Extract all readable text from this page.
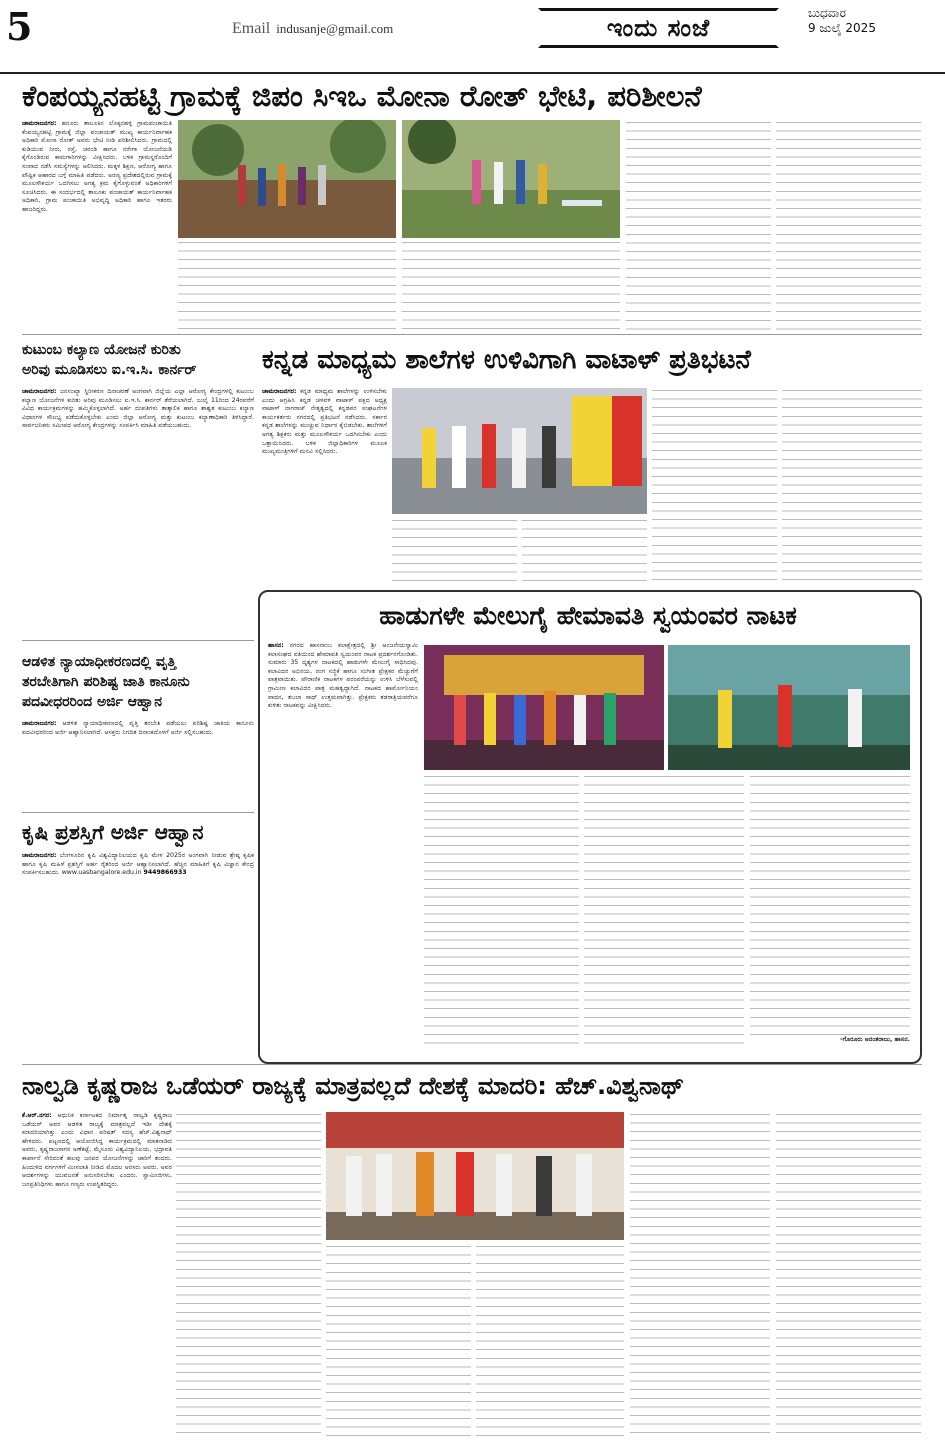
5	Email indusanje@gmail.com	ಇಂದು ಸಂಜೆ
ಬುಧವಾರ
9 ಜುಲೈ 2025
ಕೆಂಪಯ್ಯನಹಟ್ಟಿ ಗ್ರಾಮಕ್ಕೆ ಜಿಪಂ ಸಿಇಒ ಮೋನಾ ರೋತ್ ಭೇಟಿ, ಪರಿಶೀಲನೆ
ಚಾಮರಾಜನಗರ: ಹನೂರು ತಾಲೂಕಿನ ಲೊಕ್ಕನಹಳ್ಳಿ ಗ್ರಾಮಪಂಚಾಯಿತಿ ಕೆಂಪಯ್ಯನಹಟ್ಟಿ ಗ್ರಾಮಕ್ಕೆ ಜಿಲ್ಲಾ ಪಂಚಾಯತ್ ಮುಖ್ಯ ಕಾರ್ಯನಿರ್ವಾಹಕ ಅಧಿಕಾರಿ ಮೋನಾ ರೋತ್ ಅವರು ಭೇಟಿ ನೀಡಿ ಪರಿಶೀಲಿಸಿದರು. ಗ್ರಾಮದಲ್ಲಿ ಕುಡಿಯುವ ನೀರು, ರಸ್ತೆ, ಚರಂಡಿ ಹಾಗೂ ನರೇಗಾ ಯೋಜನೆಯಡಿ ಕೈಗೊಂಡಿರುವ ಕಾಮಗಾರಿಗಳನ್ನು ವೀಕ್ಷಿಸಿದರು. ಬಳಿಕ ಗ್ರಾಮಸ್ಥರೊಂದಿಗೆ ಸಂವಾದ ನಡೆಸಿ ಸಮಸ್ಯೆಗಳನ್ನು ಆಲಿಸಿದರು. ಮಕ್ಕಳ ಶಿಕ್ಷಣ, ಆರೋಗ್ಯ ಹಾಗೂ ಪೌಷ್ಟಿಕ ಆಹಾರದ ಬಗ್ಗೆ ಮಾಹಿತಿ ಪಡೆದರು. ಅರಣ್ಯ ಪ್ರದೇಶದಲ್ಲಿರುವ ಗ್ರಾಮಕ್ಕೆ ಮೂಲಸೌಕರ್ಯ ಒದಗಿಸಲು ಅಗತ್ಯ ಕ್ರಮ ಕೈಗೊಳ್ಳುವಂತೆ ಅಧಿಕಾರಿಗಳಿಗೆ ಸೂಚಿಸಿದರು. ಈ ಸಂದರ್ಭದಲ್ಲಿ ತಾಲೂಕು ಪಂಚಾಯತ್ ಕಾರ್ಯನಿರ್ವಾಹಕ ಅಧಿಕಾರಿ, ಗ್ರಾಮ ಪಂಚಾಯಿತಿ ಅಭಿವೃದ್ಧಿ ಅಧಿಕಾರಿ ಹಾಗೂ ಇತರರು ಹಾಜರಿದ್ದರು.
ಕುಟುಂಬ ಕಲ್ಯಾಣ ಯೋಜನೆ ಕುರಿತು
ಅರಿವು ಮೂಡಿಸಲು ಐ.ಇ.ಸಿ. ಕಾರ್ನರ್
ಚಾಮರಾಜನಗರ: ಜನಸಂಖ್ಯಾ ಸ್ಥಿರೀಕರಣ ದಿನಾಚರಣೆ ಅಂಗವಾಗಿ ಜಿಲ್ಲೆಯ ಎಲ್ಲಾ ಆರೋಗ್ಯ ಕೇಂದ್ರಗಳಲ್ಲಿ ಕುಟುಂಬ ಕಲ್ಯಾಣ ಯೋಜನೆಗಳ ಕುರಿತು ಅರಿವು ಮೂಡಿಸಲು ಐ.ಇ.ಸಿ. ಕಾರ್ನರ್ ತೆರೆಯಲಾಗಿದೆ. ಜುಲೈ 11ರಿಂದ 24ರವರೆಗೆ ವಿವಿಧ ಕಾರ್ಯಕ್ರಮಗಳನ್ನು ಹಮ್ಮಿಕೊಳ್ಳಲಾಗಿದೆ. ಅರ್ಹ ದಂಪತಿಗಳು ತಾತ್ಕಾಲಿಕ ಹಾಗೂ ಶಾಶ್ವತ ಕುಟುಂಬ ಕಲ್ಯಾಣ ವಿಧಾನಗಳ ಸೌಲಭ್ಯ ಪಡೆದುಕೊಳ್ಳಬೇಕು ಎಂದು ಜಿಲ್ಲಾ ಆರೋಗ್ಯ ಮತ್ತು ಕುಟುಂಬ ಕಲ್ಯಾಣಾಧಿಕಾರಿ ತಿಳಿಸಿದ್ದಾರೆ. ಸಾರ್ವಜನಿಕರು ಸಮೀಪದ ಆರೋಗ್ಯ ಕೇಂದ್ರಗಳನ್ನು ಸಂಪರ್ಕಿಸಿ ಮಾಹಿತಿ ಪಡೆಯಬಹುದು.
ಕನ್ನಡ ಮಾಧ್ಯಮ ಶಾಲೆಗಳ ಉಳಿವಿಗಾಗಿ ವಾಟಾಳ್ ಪ್ರತಿಭಟನೆ
ಚಾಮರಾಜನಗರ: ಕನ್ನಡ ಮಾಧ್ಯಮ ಶಾಲೆಗಳನ್ನು ಉಳಿಸಬೇಕು ಎಂದು ಆಗ್ರಹಿಸಿ ಕನ್ನಡ ಚಳವಳಿ ವಾಟಾಳ್ ಪಕ್ಷದ ಅಧ್ಯಕ್ಷ ವಾಟಾಳ್ ನಾಗರಾಜ್ ನೇತೃತ್ವದಲ್ಲಿ ಕನ್ನಡಪರ ಸಂಘಟನೆಗಳ ಕಾರ್ಯಕರ್ತರು ನಗರದಲ್ಲಿ ಪ್ರತಿಭಟನೆ ನಡೆಸಿದರು. ಸರ್ಕಾರ ಕನ್ನಡ ಶಾಲೆಗಳನ್ನು ಮುಚ್ಚುವ ನಿರ್ಧಾರ ಕೈಬಿಡಬೇಕು. ಶಾಲೆಗಳಿಗೆ ಅಗತ್ಯ ಶಿಕ್ಷಕರು ಮತ್ತು ಮೂಲಸೌಕರ್ಯ ಒದಗಿಸಬೇಕು ಎಂದು ಒತ್ತಾಯಿಸಿದರು. ಬಳಿಕ ಜಿಲ್ಲಾಧಿಕಾರಿಗಳ ಮೂಲಕ ಮುಖ್ಯಮಂತ್ರಿಗಳಿಗೆ ಮನವಿ ಸಲ್ಲಿಸಿದರು.
ಆಡಳಿತ ನ್ಯಾಯಾಧೀಕರಣದಲ್ಲಿ ವೃತ್ತಿ
ತರಬೇತಿಗಾಗಿ ಪರಿಶಿಷ್ಟ ಜಾತಿ ಕಾನೂನು
ಪದವೀಧರರಿಂದ ಅರ್ಜಿ ಆಹ್ವಾನ
ಚಾಮರಾಜನಗರ: ಆಡಳಿತ ನ್ಯಾಯಾಧೀಕರಣದಲ್ಲಿ ವೃತ್ತಿ ತರಬೇತಿ ಪಡೆಯಲು ಪರಿಶಿಷ್ಟ ಜಾತಿಯ ಕಾನೂನು ಪದವೀಧರರಿಂದ ಅರ್ಜಿ ಆಹ್ವಾನಿಸಲಾಗಿದೆ. ಆಸಕ್ತರು ನಿಗದಿತ ದಿನಾಂಕದೊಳಗೆ ಅರ್ಜಿ ಸಲ್ಲಿಸಬಹುದು.
ಕೃಷಿ ಪ್ರಶಸ್ತಿಗೆ ಅರ್ಜಿ ಆಹ್ವಾನ
ಚಾಮರಾಜನಗರ: ಬೆಂಗಳೂರಿನ ಕೃಷಿ ವಿಶ್ವವಿದ್ಯಾನಿಲಯದ ಕೃಷಿ ಮೇಳ 2025ರ ಅಂಗವಾಗಿ ನೀಡುವ ಶ್ರೇಷ್ಠ ಕೃಷಿಕ ಹಾಗೂ ಕೃಷಿ ಮಹಿಳೆ ಪ್ರಶಸ್ತಿಗೆ ಅರ್ಹ ರೈತರಿಂದ ಅರ್ಜಿ ಆಹ್ವಾನಿಸಲಾಗಿದೆ. ಹೆಚ್ಚಿನ ಮಾಹಿತಿಗೆ ಕೃಷಿ ವಿಜ್ಞಾನ ಕೇಂದ್ರ ಸಂಪರ್ಕಿಸಬಹುದು. www.uasbangalore.edu.in 9449866933
ಹಾಡುಗಳೇ ಮೇಲುಗೈ ಹೇಮಾವತಿ ಸ್ವಯಂವರ ನಾಟಕ
ಹಾಸನ: ನಗರದ ಹಾಸನಾಂಬ ಕಲಾಕ್ಷೇತ್ರದಲ್ಲಿ ಶ್ರೀ ಆಂಜನೇಯಸ್ವಾಮಿ ಕಲಾಸಂಘದ ವತಿಯಿಂದ ಹೇಮಾವತಿ ಸ್ವಯಂವರ ನಾಟಕ ಪ್ರದರ್ಶನಗೊಂಡಿತು. ಸುಮಾರು 35 ದೃಶ್ಯಗಳ ನಾಟಕದಲ್ಲಿ ಹಾಡುಗಳೇ ಮೇಲುಗೈ ಸಾಧಿಸಿದವು. ಕಲಾವಿದರ ಅಭಿನಯ, ರಂಗ ಸಜ್ಜಿಕೆ ಹಾಗೂ ಸಂಗೀತ ಪ್ರೇಕ್ಷಕರ ಮೆಚ್ಚುಗೆಗೆ ಪಾತ್ರವಾಯಿತು. ಪೌರಾಣಿಕ ನಾಟಕಗಳ ಪರಂಪರೆಯನ್ನು ಉಳಿಸಿ ಬೆಳೆಸುವಲ್ಲಿ ಗ್ರಾಮೀಣ ಕಲಾವಿದರ ಪಾತ್ರ ಮಹತ್ವದ್ದಾಗಿದೆ. ನಾಟಕದ ಹಾರ್ಮೋನಿಯಂ ವಾದನ, ತಬಲಾ ಸಾಥ್ ಉತ್ತಮವಾಗಿತ್ತು. ಪ್ರೇಕ್ಷಕರು ತಡರಾತ್ರಿಯವರೆಗೂ ಕುಳಿತು ನಾಟಕವನ್ನು ವೀಕ್ಷಿಸಿದರು.
-ಗೊರೂರು ಅನಂತರಾಜು, ಹಾಸನ.
ನಾಲ್ವಡಿ ಕೃಷ್ಣರಾಜ ಒಡೆಯರ್ ರಾಜ್ಯಕ್ಕೆ ಮಾತ್ರವಲ್ಲದೆ ದೇಶಕ್ಕೆ ಮಾದರಿ: ಹೆಚ್.ವಿಶ್ವನಾಥ್
ಕೆ.ಆರ್.ನಗರ: ಆಧುನಿಕ ಕರ್ನಾಟಕದ ನಿರ್ಮಾತೃ ನಾಲ್ವಡಿ ಕೃಷ್ಣರಾಜ ಒಡೆಯರ್ ಅವರ ಆಡಳಿತ ರಾಜ್ಯಕ್ಕೆ ಮಾತ್ರವಲ್ಲದೆ ಇಡೀ ದೇಶಕ್ಕೆ ಮಾದರಿಯಾಗಿತ್ತು ಎಂದು ವಿಧಾನ ಪರಿಷತ್ ಸದಸ್ಯ ಹೆಚ್.ವಿಶ್ವನಾಥ್ ಹೇಳಿದರು. ಪಟ್ಟಣದಲ್ಲಿ ಆಯೋಜಿಸಿದ್ದ ಕಾರ್ಯಕ್ರಮದಲ್ಲಿ ಮಾತನಾಡಿದ ಅವರು, ಕೃಷ್ಣರಾಜಸಾಗರ ಅಣೆಕಟ್ಟೆ, ಮೈಸೂರು ವಿಶ್ವವಿದ್ಯಾನಿಲಯ, ಭದ್ರಾವತಿ ಕಾರ್ಖಾನೆ ಸೇರಿದಂತೆ ಹಲವು ಜನಪರ ಯೋಜನೆಗಳನ್ನು ಜಾರಿಗೆ ತಂದರು. ಹಿಂದುಳಿದ ವರ್ಗಗಳಿಗೆ ಮೀಸಲಾತಿ ನೀಡಿದ ಮೊದಲ ಅರಸರು ಅವರು. ಅವರ ಆದರ್ಶಗಳನ್ನು ಯುವಜನತೆ ಅನುಸರಿಸಬೇಕು ಎಂದರು. ಸ್ವಾಮೀಜಿಗಳು, ಜನಪ್ರತಿನಿಧಿಗಳು ಹಾಗೂ ಗಣ್ಯರು ಉಪಸ್ಥಿತರಿದ್ದರು.
